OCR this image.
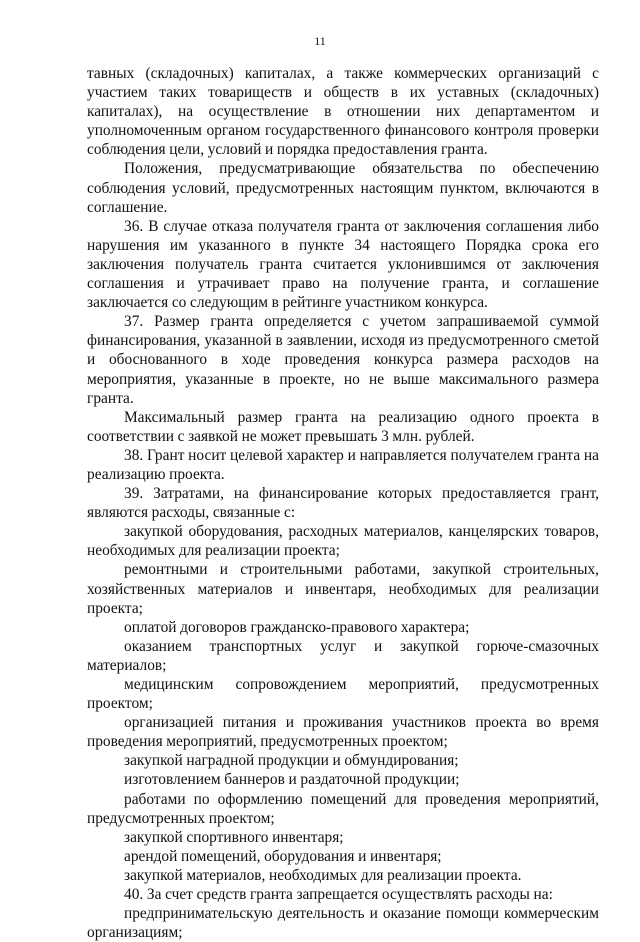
11

тавных (складочных) капиталах, а также коммерческих организаций с участием таких товариществ и обществ в их уставных (складочных) капиталах), на осуществление в отношении них департаментом и уполномоченным органом государственного финансового контроля проверки соблюдения цели, условий и порядка предоставления гранта.

Положения, предусматривающие обязательства по обеспечению соблюдения условий, предусмотренных настоящим пунктом, включаются в соглашение.

36. В случае отказа получателя гранта от заключения соглашения либо нарушения им указанного в пункте 34 настоящего Порядка срока его заключения получатель гранта считается уклонившимся от заключения соглашения и утрачивает право на получение гранта, и соглашение заключается со следующим в рейтинге участником конкурса.

37. Размер гранта определяется с учетом запрашиваемой суммой финансирования, указанной в заявлении, исходя из предусмотренного сметой и обоснованного в ходе проведения конкурса размера расходов на мероприятия, указанные в проекте, но не выше максимального размера гранта.

Максимальный размер гранта на реализацию одного проекта в соответствии с заявкой не может превышать 3 млн. рублей.

38. Грант носит целевой характер и направляется получателем гранта на реализацию проекта.

39. Затратами, на финансирование которых предоставляется грант, являются расходы, связанные с:

закупкой оборудования, расходных материалов, канцелярских товаров, необходимых для реализации проекта;

ремонтными и строительными работами, закупкой строительных, хозяйственных материалов и инвентаря, необходимых для реализации проекта;

оплатой договоров гражданско-правового характера;

оказанием транспортных услуг и закупкой горюче-смазочных материалов;

медицинским сопровождением мероприятий, предусмотренных проектом;

организацией питания и проживания участников проекта во время проведения мероприятий, предусмотренных проектом;

закупкой наградной продукции и обмундирования;

изготовлением баннеров и раздаточной продукции;

работами по оформлению помещений для проведения мероприятий, предусмотренных проектом;

закупкой спортивного инвентаря;

арендой помещений, оборудования и инвентаря;

закупкой материалов, необходимых для реализации проекта.

40. За счет средств гранта запрещается осуществлять расходы на:

предпринимательскую деятельность и оказание помощи коммерческим организациям;
